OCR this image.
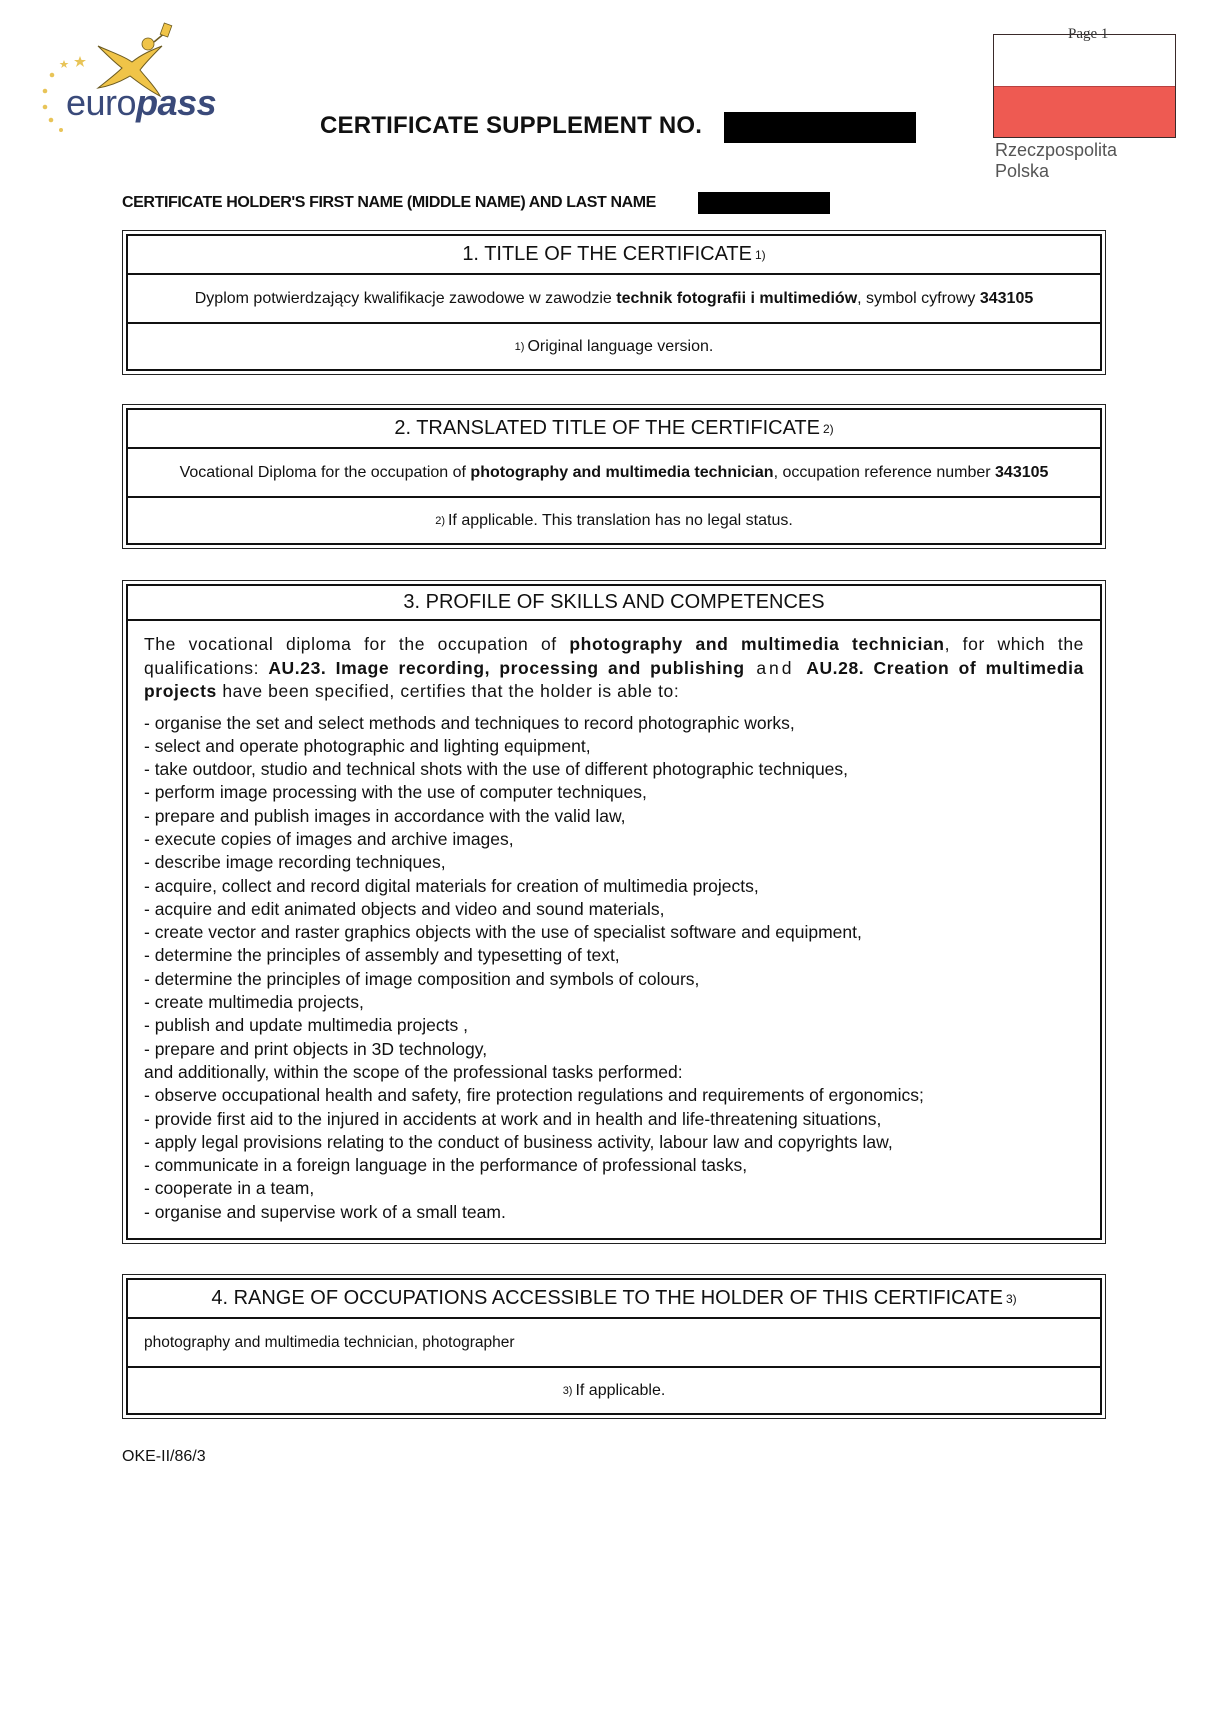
europass
CERTIFICATE SUPPLEMENT NO.
Page 1
Rzeczpospolita
Polska
CERTIFICATE HOLDER'S FIRST NAME (MIDDLE NAME) AND LAST NAME
1. TITLE OF THE CERTIFICATE 1)
Dyplom potwierdzający kwalifikacje zawodowe w zawodzie
technik fotografii i multimediów , symbol cyfrowy
343105
1) Original language version.
2. TRANSLATED TITLE OF THE CERTIFICATE 2)
Vocational Diploma for the occupation of
photography and multimedia technician , occupation reference number
343105
2) If applicable. This translation has no legal status.
3. PROFILE OF SKILLS AND COMPETENCES
The vocational diploma for the occupation of photography and multimedia technician, for which the qualifications: AU.23. Image recording, processing and publishing and AU.28. Creation of multimedia projects have been specified, certifies that the holder is able to:
- organise the set and select methods and techniques to record photographic works,
- select and operate photographic and lighting equipment,
- take outdoor, studio and technical shots with the use of different photographic techniques,
- perform image processing with the use of computer techniques,
- prepare and publish images in accordance with the valid law,
- execute copies of images and archive images,
- describe image recording techniques,
- acquire, collect and record digital materials for creation of multimedia projects,
- acquire and edit animated objects and video and sound materials,
- create vector and raster graphics objects with the use of specialist software and equipment,
- determine the principles of assembly and typesetting of text,
- determine the principles of image composition and symbols of colours,
- create multimedia projects,
- publish and update multimedia projects ,
- prepare and print objects in 3D technology,
and additionally, within the scope of the professional tasks performed:
- observe occupational health and safety, fire protection regulations and requirements of ergonomics;
- provide first aid to the injured in accidents at work and in health and life-threatening situations,
- apply legal provisions relating to the conduct of business activity, labour law and copyrights law,
- communicate in a foreign language in the performance of professional tasks,
- cooperate in a team,
- organise and supervise work of a small team.
4. RANGE OF OCCUPATIONS ACCESSIBLE TO THE HOLDER OF THIS CERTIFICATE 3)
photography and multimedia technician, photographer
3) If applicable.
OKE-II/86/3
